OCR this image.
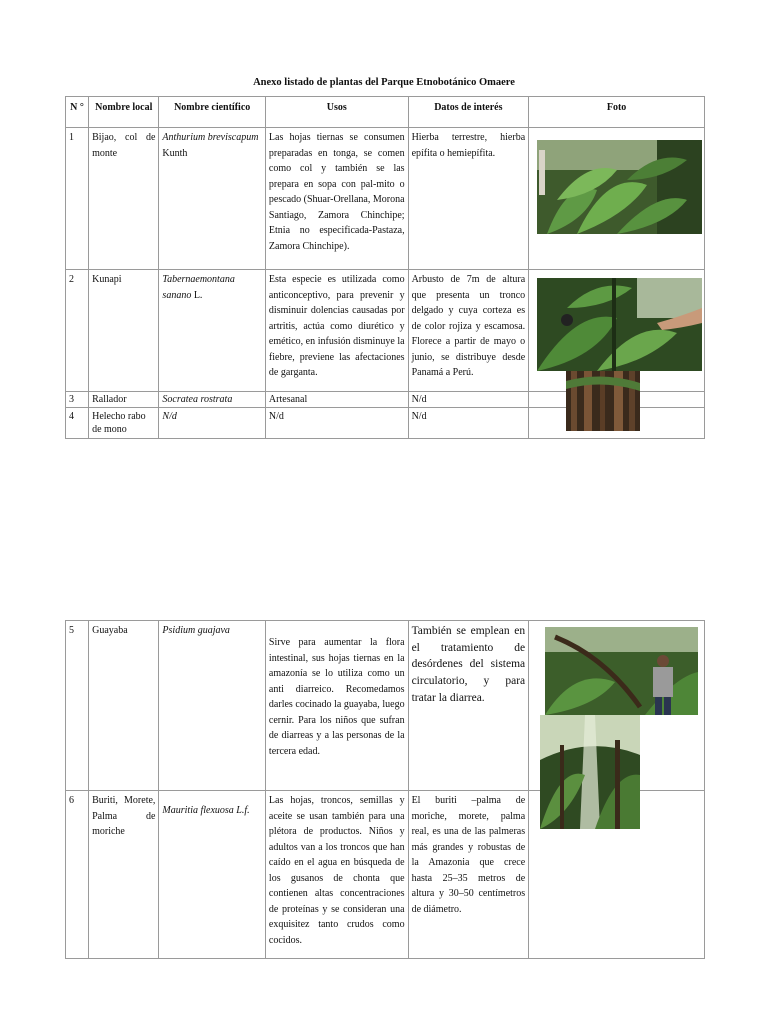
Anexo listado de plantas del Parque Etnobotánico Omaere
N °	Nombre local	Nombre científico	Usos	Datos de interés	Foto
1	Bijao, col de monte	Anthurium breviscapum Kunth	Las hojas tiernas se consumen preparadas en tonga, se comen como col y también se las prepara en sopa con pal-mito o pescado (Shuar-Orellana, Morona Santiago, Zamora Chinchipe; Etnia no especificada-Pastaza, Zamora Chinchipe).	Hierba terrestre, hierba epífita o hemiepífita.	
2	Kunapi	Tabernaemontana sanano L.	Esta especie es utilizada como anticonceptivo, para prevenir y disminuir dolencias causadas por artritis, actúa como diurético y emético, en infusión disminuye la fiebre, previene las afectaciones de garganta.	Arbusto de 7m de altura que presenta un tronco delgado y cuya corteza es de color rojiza y escamosa. Florece a partir de mayo o junio, se distribuye desde Panamá a Perú.	
3	Rallador	Socratea rostrata	Artesanal	N/d	
4	Helecho rabo de mono	N/d	N/d	N/d	
5	Guayaba	Psidium guajava	Sirve para aumentar la flora intestinal, sus hojas tiernas en la amazonía se lo utiliza como un anti diarreico. Recomedamos darles cocinado la guayaba, luego cernir. Para los niños que sufran de diarreas y a las personas de la tercera edad.	También se emplean en el tratamiento de desórdenes del sistema circulatorio, y para tratar la diarrea.	
6	Buriti, Morete, Palma de moriche	Mauritia flexuosa L.f.	Las hojas, troncos, semillas y aceite se usan también para una plétora de productos. Niños y adultos van a los troncos que han caído en el agua en búsqueda de los gusanos de chonta que contienen altas concentraciones de proteínas y se consideran una exquisitez tanto crudos como cocidos.	El buriti –palma de moriche, morete, palma real, es una de las palmeras más grandes y robustas de la Amazonia que crece hasta 25–35 metros de altura y 30–50 centímetros de diámetro.	
